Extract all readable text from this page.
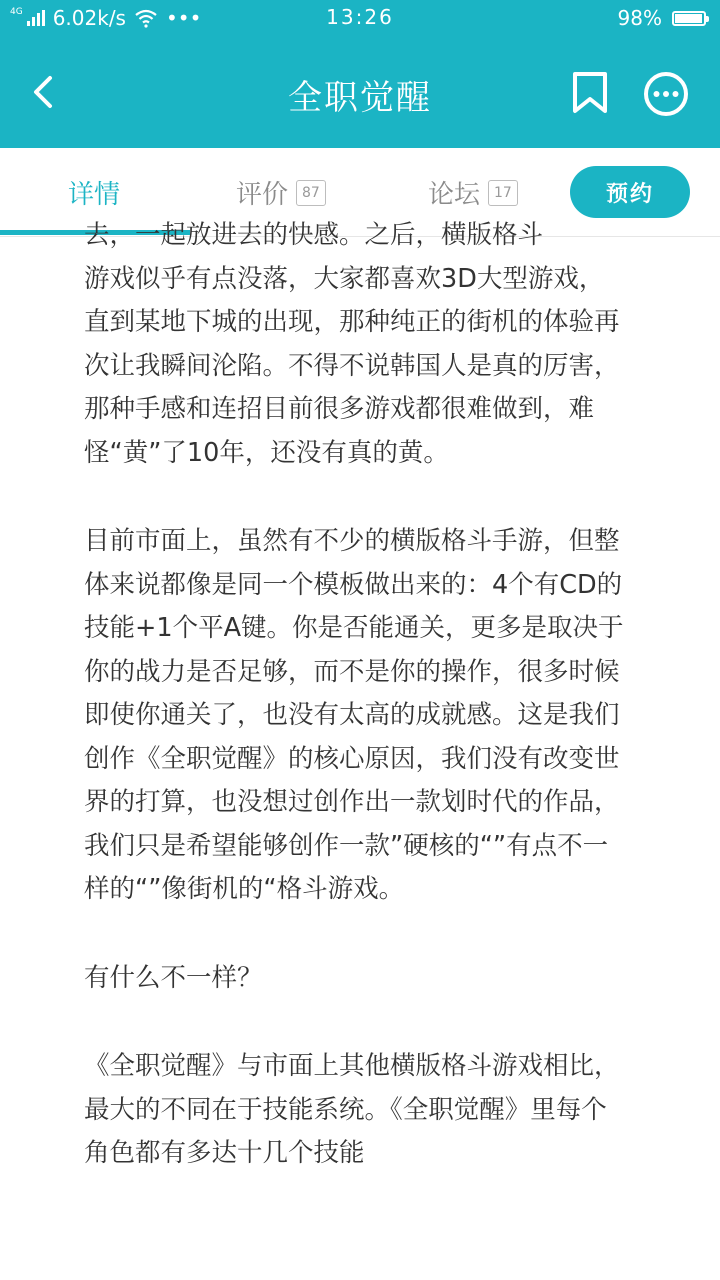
4G 6.02k/s •••	13:26	98%
全职觉醒
详情	评价	87	论坛	17	预约

去，一起放进去的快感。之后，横版格斗

游戏似乎有点没落，大家都喜欢3D大型游戏，直到某地下城的出现，那种纯正的街机的体验再次让我瞬间沦陷。不得不说韩国人是真的厉害，那种手感和连招目前很多游戏都很难做到，难怪“黄”了10年，还没有真的黄。

目前市面上，虽然有不少的横版格斗手游，但整体来说都像是同一个模板做出来的：4个有CD的技能+1个平A键。你是否能通关，更多是取决于你的战力是否足够，而不是你的操作，很多时候即使你通关了，也没有太高的成就感。这是我们创作《全职觉醒》的核心原因，我们没有改变世界的打算，也没想过创作出一款划时代的作品，我们只是希望能够创作一款”硬核的“”有点不一样的“”像街机的“格斗游戏。

有什么不一样？

《全职觉醒》与市面上其他横版格斗游戏相比，最大的不同在于技能系统。《全职觉醒》里每个角色都有多达十几个技能
